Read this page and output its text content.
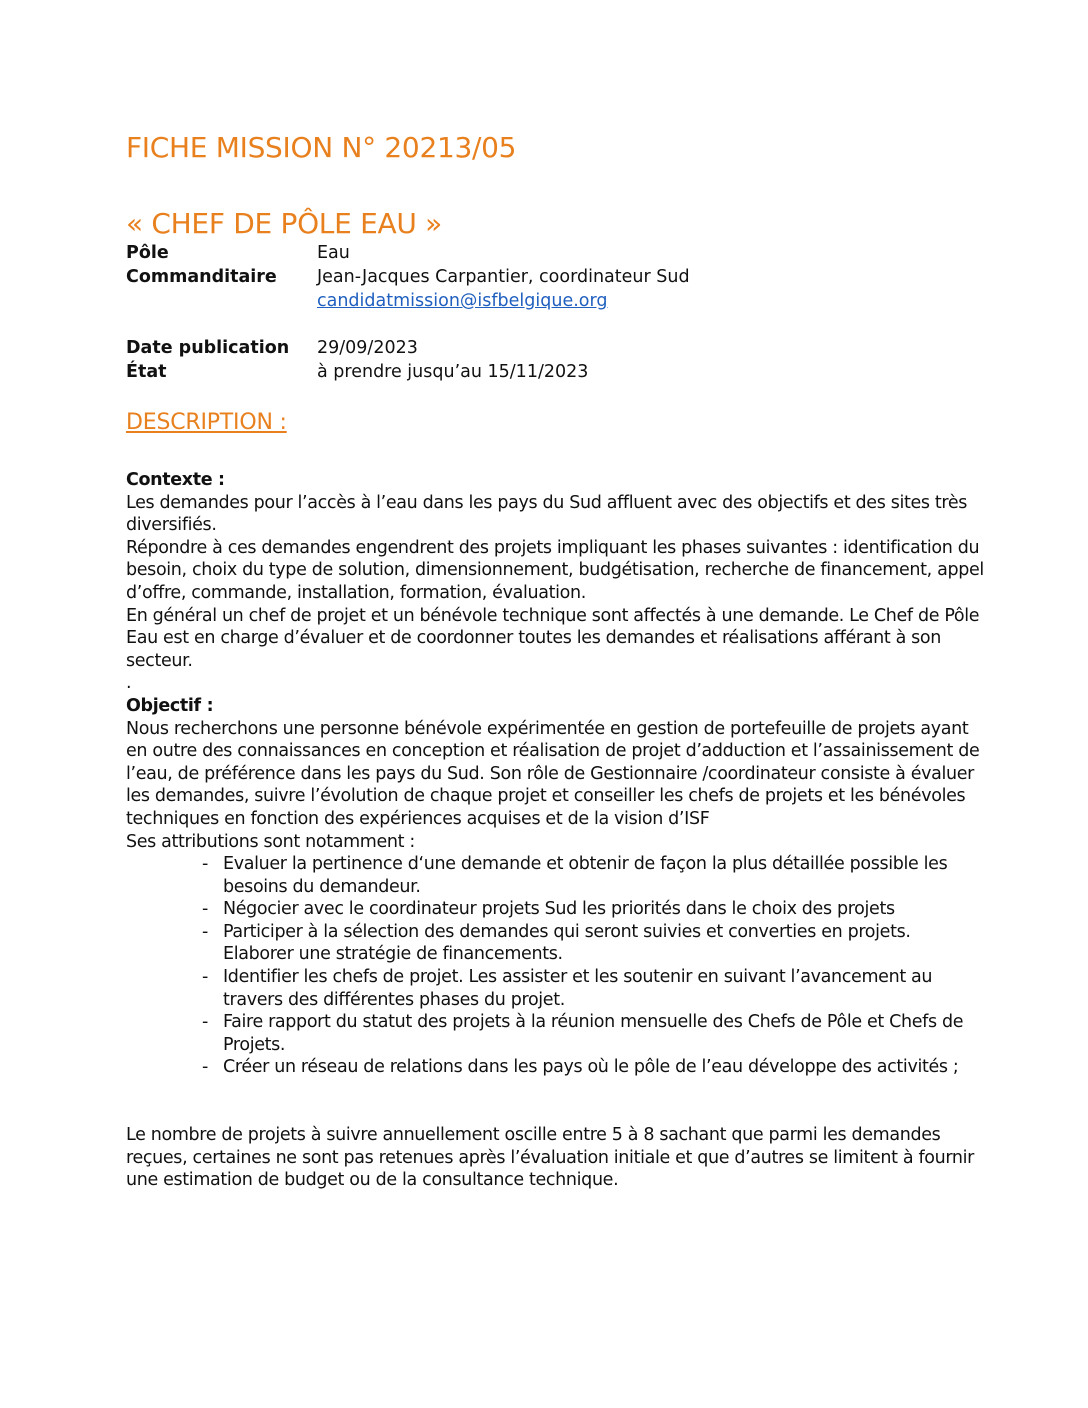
FICHE MISSION N° 20213/05
« CHEF DE PÔLE EAU »
Pôle	Eau
Commanditaire Jean-Jacques Carpantier, coordinateur Sud
candidatmission@isfbelgique.org
Date publication 29/09/2023
État	à prendre jusqu’au 15/11/2023
DESCRIPTION :

Contexte :

Les demandes pour l’accès à l’eau dans les pays du Sud affluent avec des objectifs et des sites très diversifiés.

Répondre à ces demandes engendrent des projets impliquant les phases suivantes : identification du besoin, choix du type de solution, dimensionnement, budgétisation, recherche de financement, appel d’offre, commande, installation, formation, évaluation.

En général un chef de projet et un bénévole technique sont affectés à une demande. Le Chef de Pôle Eau est en charge d’évaluer et de coordonner toutes les demandes et réalisations afférant à son secteur.

.

Objectif :

Nous recherchons une personne bénévole expérimentée en gestion de portefeuille de projets ayant en outre des connaissances en conception et réalisation de projet d’adduction et l’assainissement de l’eau, de préférence dans les pays du Sud. Son rôle de Gestionnaire /coordinateur consiste à évaluer les demandes, suivre l’évolution de chaque projet et conseiller les chefs de projets et les bénévoles techniques en fonction des expériences acquises et de la vision d’ISF

Ses attributions sont notamment :

- Evaluer la pertinence d‘une demande et obtenir de façon la plus détaillée possible les besoins du demandeur.
- Négocier avec le coordinateur projets Sud les priorités dans le choix des projets
- Participer à la sélection des demandes qui seront suivies et converties en projets. Elaborer une stratégie de financements.
- Identifier les chefs de projet. Les assister et les soutenir en suivant l’avancement au travers des différentes phases du projet.
- Faire rapport du statut des projets à la réunion mensuelle des Chefs de Pôle et Chefs de Projets.
- Créer un réseau de relations dans les pays où le pôle de l’eau développe des activités ;

Le nombre de projets à suivre annuellement oscille entre 5 à 8 sachant que parmi les demandes reçues, certaines ne sont pas retenues après l’évaluation initiale et que d’autres se limitent à fournir une estimation de budget ou de la consultance technique.
